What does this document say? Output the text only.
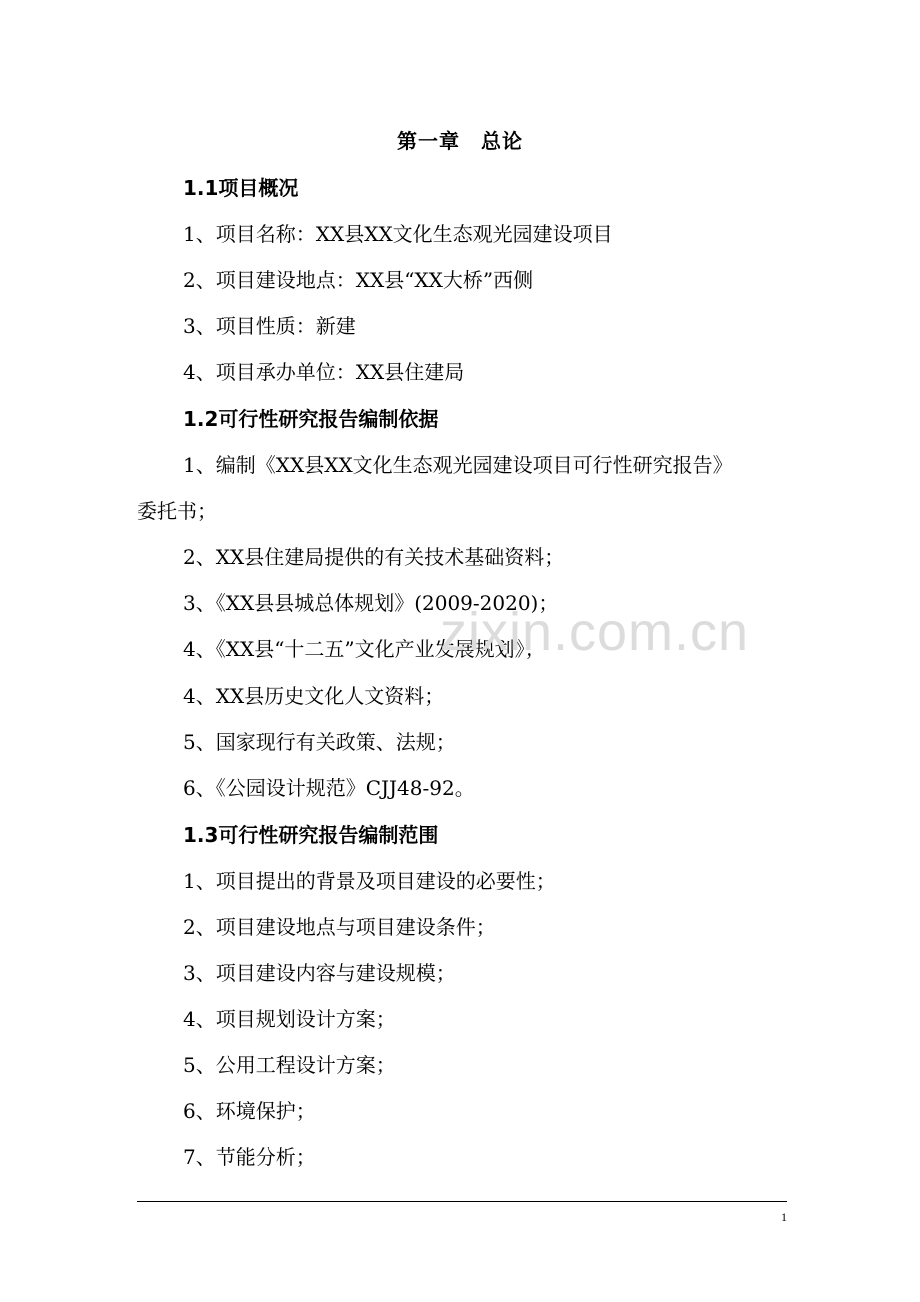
第一章　总论
1.1项目概况
1、项目名称：XX县XX文化生态观光园建设项目
2、项目建设地点：XX县“XX大桥”西侧
3、项目性质：新建
4、项目承办单位：XX县住建局
1.2可行性研究报告编制依据
1、编制《XX县XX文化生态观光园建设项目可行性研究报告》
委托书；
2、XX县住建局提供的有关技术基础资料；
3、《XX县县城总体规划》(2009-2020)；
4、《XX县“十二五”文化产业发展规划》；
4、XX县历史文化人文资料；
5、国家现行有关政策、法规；
6、《公园设计规范》CJJ48-92。
1.3可行性研究报告编制范围
1、项目提出的背景及项目建设的必要性；
2、项目建设地点与项目建设条件；
3、项目建设内容与建设规模；
4、项目规划设计方案；
5、公用工程设计方案；
6、环境保护；
7、节能分析；
zixin.com.cn
1
